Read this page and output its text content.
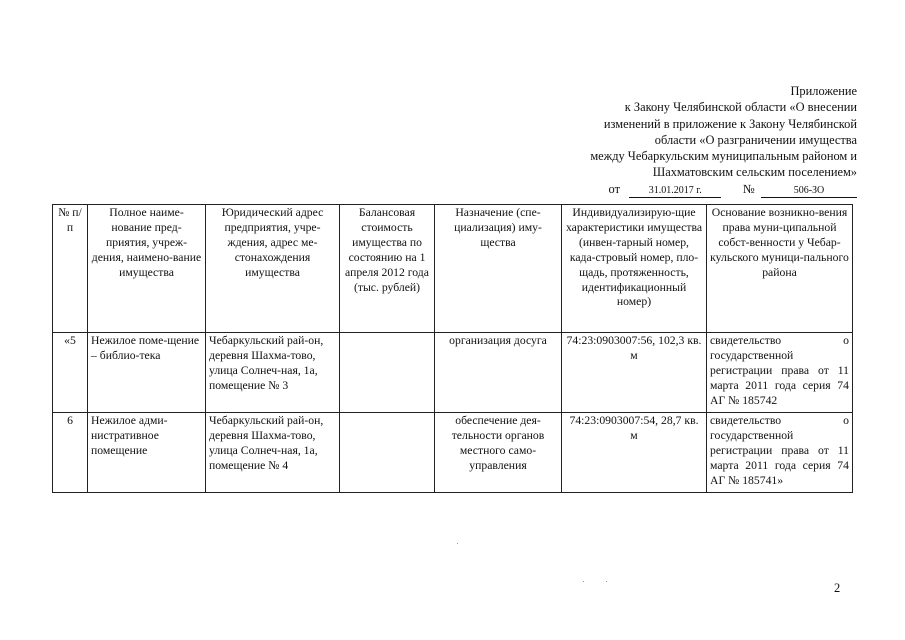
Приложение
к Закону Челябинской области «О внесении
изменений в приложение к Закону Челябинской
области «О разграничении имущества
между Чебаркульским муниципальным районом и
Шахматовским сельским поселением»
от	31.01.2017 г.	№	506-ЗО
№ п/п	Полное наиме-нование пред-приятия, учреж-дения, наимено-вание имущества	Юридический адрес предприятия, учре-ждения, адрес ме-стонахождения имущества	Балансовая стоимость имущества по состоянию на 1 апреля 2012 года (тыс. рублей)	Назначение (спе-циализация) иму-щества	Индивидуализирую-щие характеристики имущества (инвен-тарный номер, када-стровый номер, пло-щадь, протяженность, идентификационный номер)	Основание возникно-вения права муни-ципальной собст-венности у Чебар-кульского муници-пального района
«5	Нежилое поме-щение – библио-тека	Чебаркульский рай-он, деревня Шахма-тово, улица Солнеч-ная, 1а, помещение № 3		организация досуга	74:23:0903007:56, 102,3 кв. м	свидетельство о государственной регистрации права от 11 марта 2011 года серия 74 АГ № 185742
6	Нежилое адми-нистративное помещение	Чебаркульский рай-он, деревня Шахма-тово, улица Солнеч-ная, 1а, помещение № 4		обеспечение дея-тельности органов местного само-управления	74:23:0903007:54, 28,7 кв. м	свидетельство о государственной регистрации права от 11 марта 2011 года серия 74 АГ № 185741»
2
